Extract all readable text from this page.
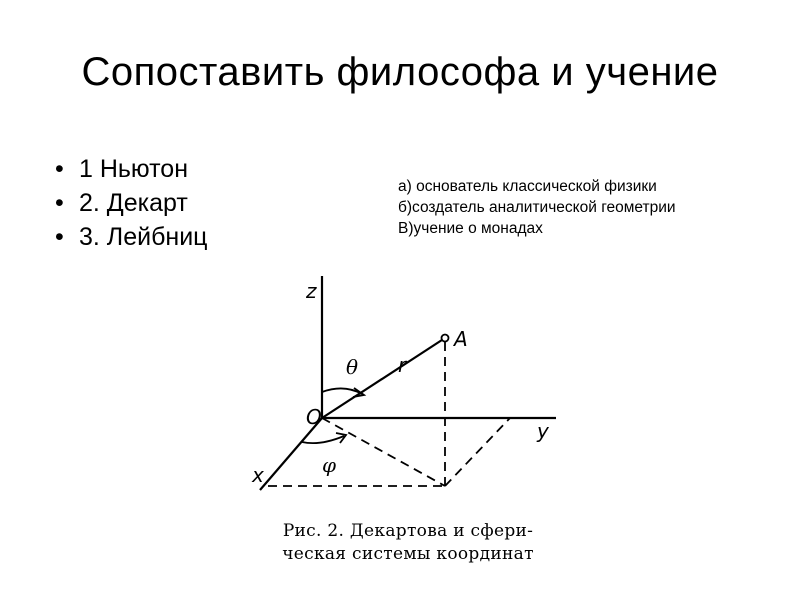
Сопоставить философа и учение
• 1 Ньютон
• 2. Декарт
• 3. Лейбниц
а) основатель классической физики
б)создатель аналитической геометрии
В)учение о монадах
z
y
x
O
A
θ
φ
r
Рис. 2. Декартова и сфери-
ческая системы координат
